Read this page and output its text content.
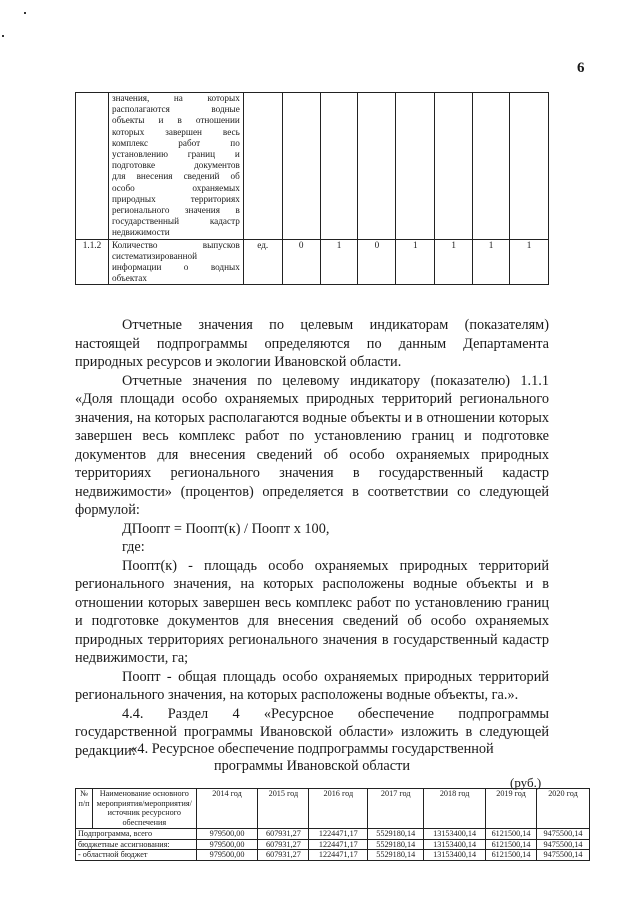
6

значения, на которых
располагаются водные
объекты и в отношении
которых завершен весь
комплекс работ по
установлению границ и
подготовке документов
для внесения сведений об
особо охраняемых
природных территориях
регионального значения в
государственный кадастр
недвижимости

1.1.2	Количество выпусков
систематизированной
информации о водных
объектах	ед.	0	1	0	1	1	1	1

Отчетные значения по целевым индикаторам (показателям) настоящей подпрограммы определяются по данным Департамента природных ресурсов и экологии Ивановской области.

Отчетные значения по целевому индикатору (показателю) 1.1.1 «Доля площади особо охраняемых природных территорий регионального значения, на которых располагаются водные объекты и в отношении которых завершен весь комплекс работ по установлению границ и подготовке документов для внесения сведений об особо охраняемых природных территориях регионального значения в государственный кадастр недвижимости» (процентов) определяется в соответствии со следующей формулой:

ДПоопт = Поопт(к) / Поопт x 100,

где:

Поопт(к) - площадь особо охраняемых природных территорий регионального значения, на которых расположены водные объекты и в отношении которых завершен весь комплекс работ по установлению границ и подготовке документов для внесения сведений об особо охраняемых природных территориях регионального значения в государственный кадастр недвижимости, га;

Поопт - общая площадь особо охраняемых природных территорий регионального значения, на которых расположены водные объекты, га.».

4.4. Раздел 4 «Ресурсное обеспечение подпрограммы государственной программы Ивановской области» изложить в следующей редакции:

«4. Ресурсное обеспечение подпрограммы государственной
программы Ивановской области
(руб.)
№ п/п	Наименование основного мероприятия/мероприятия/ источник ресурсного обеспечения	2014 год	2015 год	2016 год	2017 год	2018 год	2019 год	2020 год
Подпрограмма, всего		979500,00	607931,27	1224471,17	5529180,14	13153400,14	6121500,14	9475500,14
бюджетные ассигнования:		979500,00	607931,27	1224471,17	5529180,14	13153400,14	6121500,14	9475500,14
- областной бюджет		979500,00	607931,27	1224471,17	5529180,14	13153400,14	6121500,14	9475500,14
